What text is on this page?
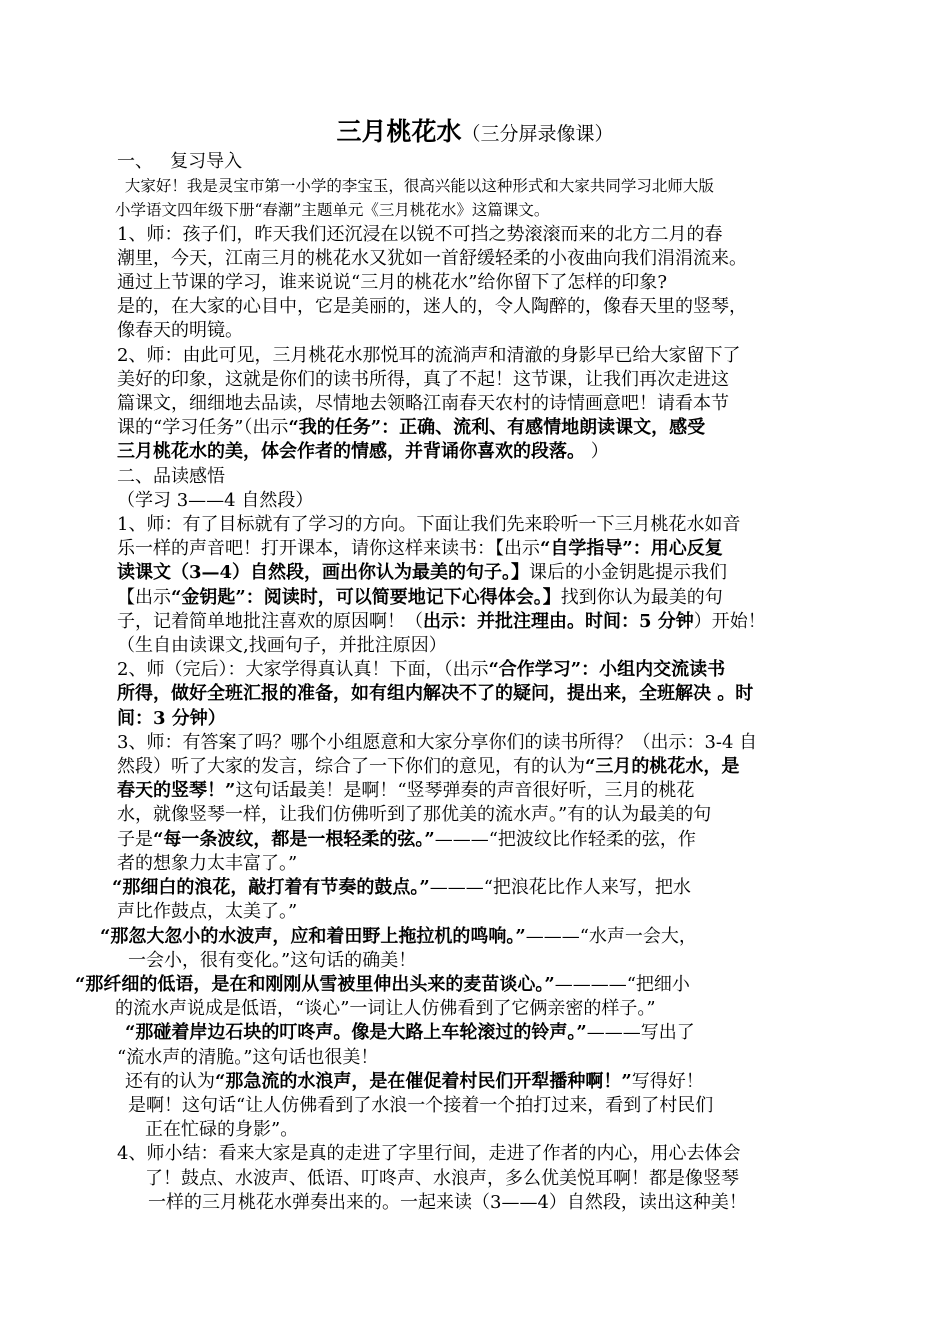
三月桃花水（三分屏录像课）

一、   复习导入

大家好！我是灵宝市第一小学的李宝玉，很高兴能以这种形式和大家共同学习北师大版

小学语文四年级下册“春潮”主题单元《三月桃花水》这篇课文。

1、师：孩子们，昨天我们还沉浸在以锐不可挡之势滚滚而来的北方二月的春

潮里，今天，江南三月的桃花水又犹如一首舒缓轻柔的小夜曲向我们涓涓流来。

通过上节课的学习，谁来说说“三月的桃花水”给你留下了怎样的印象?

是的，在大家的心目中，它是美丽的，迷人的，令人陶醉的，像春天里的竖琴，

像春天的明镜。

2、师：由此可见，三月桃花水那悦耳的流淌声和清澈的身影早已给大家留下了

美好的印象，这就是你们的读书所得，真了不起！这节课，让我们再次走进这

篇课文，细细地去品读，尽情地去领略江南春天农村的诗情画意吧！请看本节

课的“学习任务”（出示“我的任务”：正确、流利、有感情地朗读课文，感受

三月桃花水的美，体会作者的情感，并背诵你喜欢的段落。 ）

二、品读感悟

（学习 3——4 自然段）

1、师：有了目标就有了学习的方向。下面让我们先来聆听一下三月桃花水如音

乐一样的声音吧！打开课本，请你这样来读书：【出示“自学指导”：用心反复

读课文（3—4）自然段，画出你认为最美的句子。】课后的小金钥匙提示我们

【出示“金钥匙”：阅读时，可以简要地记下心得体会。】找到你认为最美的句

子，记着简单地批注喜欢的原因啊！（出示：并批注理由。时间：5 分钟）开始！

（生自由读课文,找画句子，并批注原因）

2、师（完后）：大家学得真认真！下面，（出示“合作学习”：小组内交流读书

所得，做好全班汇报的准备，如有组内解决不了的疑问，提出来，全班解决 。时

间：3 分钟）

3、师：有答案了吗？哪个小组愿意和大家分享你们的读书所得？（出示：3-4 自

然段）听了大家的发言，综合了一下你们的意见，有的认为“三月的桃花水，是

春天的竖琴！”这句话最美！是啊！“竖琴弹奏的声音很好听，三月的桃花

水，就像竖琴一样，让我们仿佛听到了那优美的流水声。”有的认为最美的句

子是“每一条波纹，都是一根轻柔的弦。”———“把波纹比作轻柔的弦，作

者的想象力太丰富了。”

“那细白的浪花，敲打着有节奏的鼓点。”———“把浪花比作人来写，把水

声比作鼓点，太美了。”

“那忽大忽小的水波声，应和着田野上拖拉机的鸣响。”———“水声一会大，

一会小，很有变化。”这句话的确美！

“那纤细的低语，是在和刚刚从雪被里伸出头来的麦苗谈心。”————“把细小

的流水声说成是低语，“谈心”一词让人仿佛看到了它俩亲密的样子。”

“那碰着岸边石块的叮咚声。像是大路上车轮滚过的铃声。”———写出了

“流水声的清脆。”这句话也很美！

还有的认为“那急流的水浪声，是在催促着村民们开犁播种啊！”写得好！

是啊！这句话“让人仿佛看到了水浪一个接着一个拍打过来，看到了村民们

正在忙碌的身影”。

4、师小结：看来大家是真的走进了字里行间，走进了作者的内心，用心去体会

了！鼓点、水波声、低语、叮咚声、水浪声，多么优美悦耳啊！都是像竖琴

一样的三月桃花水弹奏出来的。一起来读（3——4）自然段，读出这种美！
